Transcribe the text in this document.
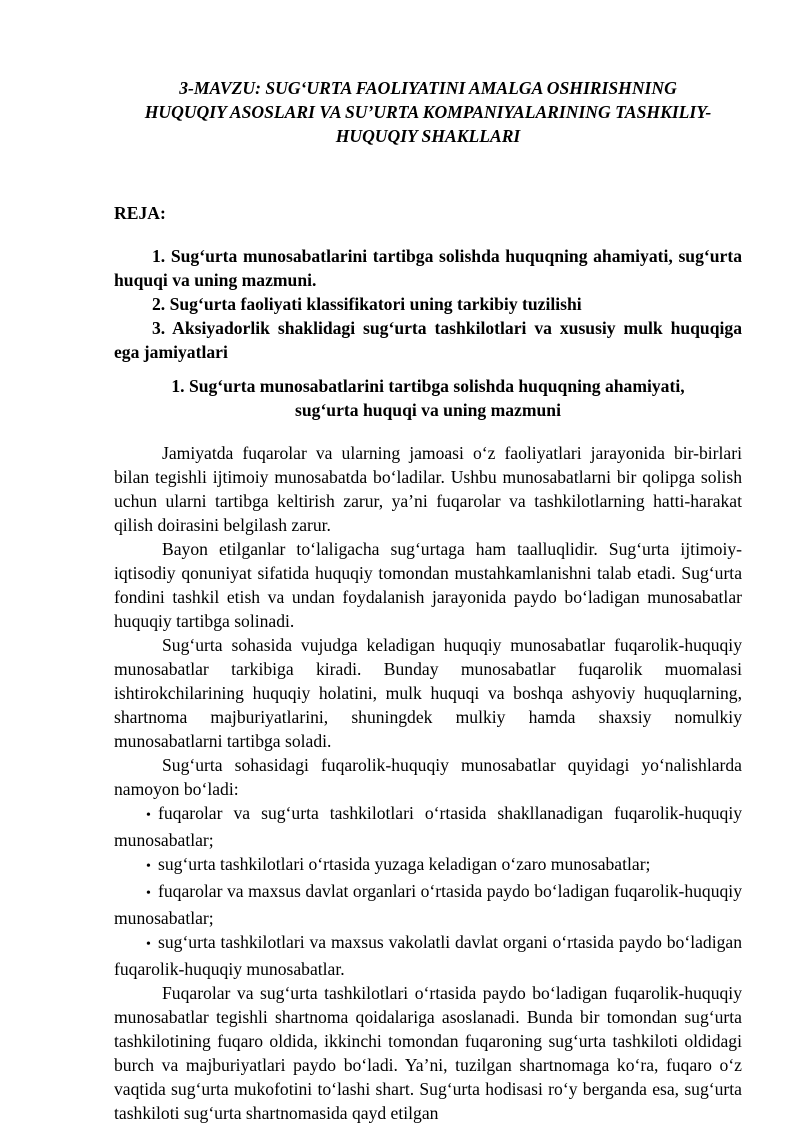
3-MAVZU: SUG‘URTA FAOLIYATINI AMALGA OSHIRISHNING
HUQUQIY ASOSLARI VA SU’URTA KOMPANIYALARINING TASHKILIY-
HUQUQIY SHAKLLARI
REJA:

1. Sug‘urta munosabatlarini tartibga solishda huquqning ahamiyati, sug‘urta huquqi va uning mazmuni.

2. Sug‘urta faoliyati klassifikatori uning tarkibiy tuzilishi

3. Aksiyadorlik shaklidagi sug‘urta tashkilotlari va xususiy mulk huquqiga ega jamiyatlari

1. Sug‘urta munosabatlarini tartibga solishda huquqning ahamiyati,
sug‘urta huquqi va uning mazmuni

Jamiyatda fuqarolar va ularning jamoasi o‘z faoliyatlari jarayonida bir-birlari bilan tegishli ijtimoiy munosabatda bo‘ladilar. Ushbu munosabatlarni bir qolipga solish uchun ularni tartibga keltirish zarur, ya’ni fuqarolar va tashkilotlarning hatti-harakat qilish doirasini belgilash zarur.

Bayon etilganlar to‘laligacha sug‘urtaga ham taalluqlidir. Sug‘urta ijtimoiy-iqtisodiy qonuniyat sifatida huquqiy tomondan mustahkamlanishni talab etadi. Sug‘urta fondini tashkil etish va undan foydalanish jarayonida paydo bo‘ladigan munosabatlar huquqiy tartibga solinadi.

Sug‘urta sohasida vujudga keladigan huquqiy munosabatlar fuqarolik-huquqiy munosabatlar tarkibiga kiradi. Bunday munosabatlar fuqarolik muomalasi ishtirokchilarining huquqiy holatini, mulk huquqi va boshqa ashyoviy huquqlarning, shartnoma majburiyatlarini, shuningdek mulkiy hamda shaxsiy nomulkiy munosabatlarni tartibga soladi.

Sug‘urta sohasidagi fuqarolik-huquqiy munosabatlar quyidagi yo‘nalishlarda namoyon bo‘ladi:

• fuqarolar va sug‘urta tashkilotlari o‘rtasida shakllanadigan fuqarolik-huquqiy munosabatlar;

• sug‘urta tashkilotlari o‘rtasida yuzaga keladigan o‘zaro munosabatlar;

• fuqarolar va maxsus davlat organlari o‘rtasida paydo bo‘ladigan fuqarolik-huquqiy munosabatlar;

• sug‘urta tashkilotlari va maxsus vakolatli davlat organi o‘rtasida paydo bo‘ladigan fuqarolik-huquqiy munosabatlar.

Fuqarolar va sug‘urta tashkilotlari o‘rtasida paydo bo‘ladigan fuqarolik-huquqiy munosabatlar tegishli shartnoma qoidalariga asoslanadi. Bunda bir tomondan sug‘urta tashkilotining fuqaro oldida, ikkinchi tomondan fuqaroning sug‘urta tashkiloti oldidagi burch va majburiyatlari paydo bo‘ladi. Ya’ni, tuzilgan shartnomaga ko‘ra, fuqaro o‘z vaqtida sug‘urta mukofotini to‘lashi shart. Sug‘urta hodisasi ro‘y berganda esa, sug‘urta tashkiloti sug‘urta shartnomasida qayd etilgan
